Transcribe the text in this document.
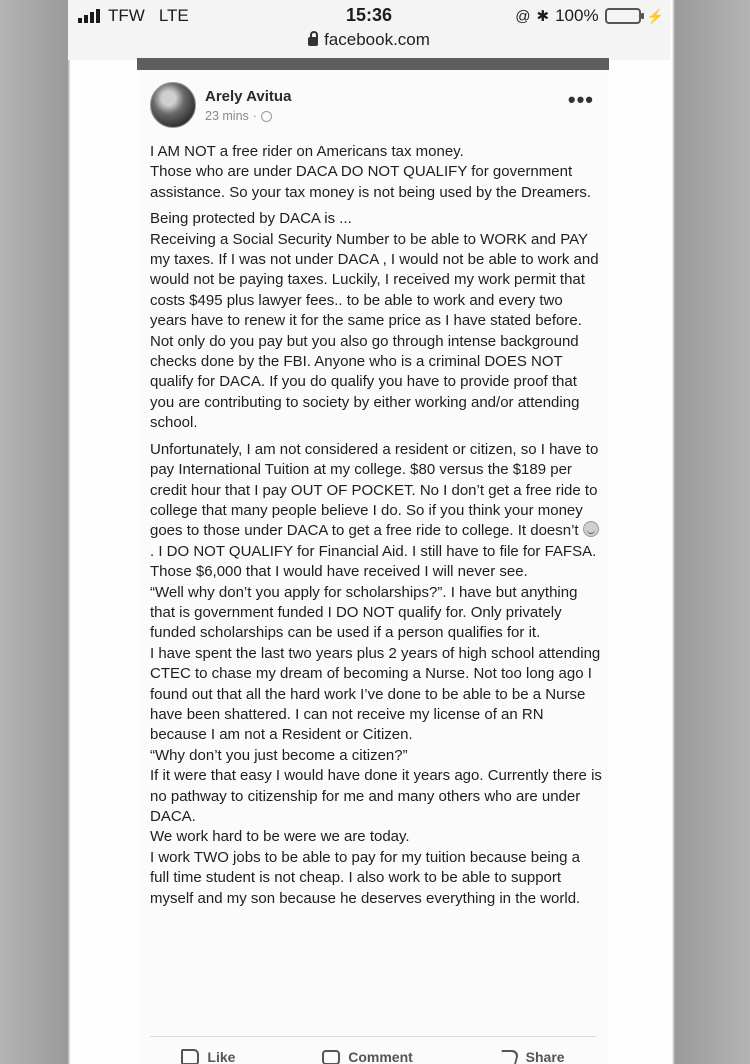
TFW LTE	15:36	@ ✱ 100%	⚡
facebook.com
Arely Avitua
23 mins ·
•••

I AM NOT a free rider on Americans tax money.
Those who are under DACA DO NOT QUALIFY for government assistance. So your tax money is not being used by the Dreamers.

Being protected by DACA is ...
Receiving a Social Security Number to be able to WORK and PAY my taxes. If I was not under DACA , I would not be able to work and would not be paying taxes. Luckily, I received my work permit that costs $495 plus lawyer fees.. to be able to work and every two years have to renew it for the same price as I have stated before. Not only do you pay but you also go through intense background checks done by the FBI. Anyone who is a criminal DOES NOT qualify for DACA. If you do qualify you have to provide proof that you are contributing to society by either working and/or attending school.

Unfortunately, I am not considered a resident or citizen, so I have to pay International Tuition at my college. $80 versus the $189 per credit hour that I pay OUT OF POCKET. No I don’t get a free ride to college that many people believe I do. So if you think your money goes to those under DACA to get a free ride to college. It doesn’t . I DO NOT QUALIFY for Financial Aid. I still have to file for FAFSA. Those $6,000 that I would have received I will never see.
“Well why don’t you apply for scholarships?”. I have but anything that is government funded I DO NOT qualify for. Only privately funded scholarships can be used if a person qualifies for it.
I have spent the last two years plus 2 years of high school attending CTEC to chase my dream of becoming a Nurse. Not too long ago I found out that all the hard work I’ve done to be able to be a Nurse have been shattered. I can not receive my license of an RN because I am not a Resident or Citizen.
“Why don’t you just become a citizen?”
If it were that easy I would have done it years ago. Currently there is no pathway to citizenship for me and many others who are under DACA.
We work hard to be were we are today.
I work TWO jobs to be able to pay for my tuition because being a full time student is not cheap. I also work to be able to support myself and my son because he deserves everything in the world.

Like	Comment	Share
